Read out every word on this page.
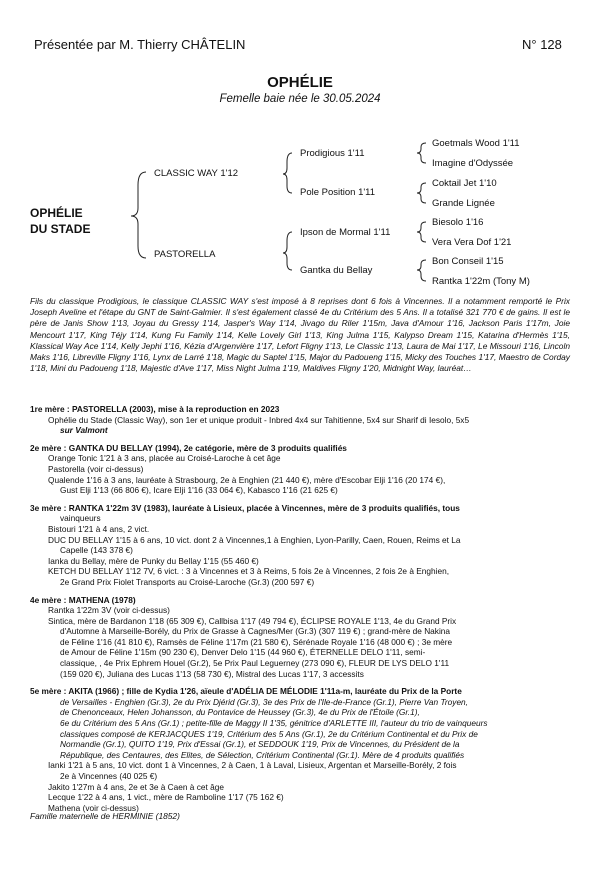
Présentée par M. Thierry CHÂTELIN	N° 128
OPHÉLIE
Femelle baie née le 30.05.2024
OPHÉLIE
DU STADE
CLASSIC WAY 1'12
PASTORELLA
Prodigious 1'11
Pole Position 1'11
Ipson de Mormal 1'11
Gantka du Bellay
Goetmals Wood 1'11
Imagine d'Odyssée
Coktail Jet 1'10
Grande Lignée
Biesolo 1'16
Vera Vera Dof 1'21
Bon Conseil 1'15
Rantka 1'22m (Tony M)
Fils du classique Prodigious, le classique CLASSIC WAY s'est imposé à 8 reprises dont 6 fois à Vincennes. Il a notamment remporté le Prix Joseph Aveline et l'étape du GNT de Saint-Galmier. Il s'est également classé 4e du Critérium des 5 Ans. Il a totalisé 321 770 € de gains. Il est le père de Janis Show 1'13, Joyau du Gressy 1'14, Jasper's Way 1'14, Jivago du Riler 1'15m, Java d'Amour 1'16, Jackson Paris 1'17m, Joie Mencourt 1'17, King Téjy 1'14, Kung Fu Family 1'14, Kelle Lovely Girl 1'13, King Julma 1'15, Kalypso Dream 1'15, Katarina d'Hermès 1'15, Klassical Way Ace 1'14, Kelly Jephi 1'16, Kézia d'Argenvière 1'17, Lefort Fligny 1'13, Le Classic 1'13, Laura de Mai 1'17, Le Missouri 1'16, Lincoln Maks 1'16, Libreville Fligny 1'16, Lynx de Larré 1'18, Magic du Saptel 1'15, Major du Padoueng 1'15, Micky des Touches 1'17, Maestro de Corday 1'18, Mini du Padoueng 1'18, Majestic d'Ave 1'17, Miss Night Julma 1'19, Maldives Fligny 1'20, Midnight Way, lauréat…
1re mère : PASTORELLA (2003), mise à la reproduction en 2023
Ophélie du Stade (Classic Way), son 1er et unique produit - Inbred 4x4 sur Tahitienne, 5x4 sur Sharif di Iesolo, 5x5
sur Valmont
2e mère : GANTKA DU BELLAY (1994), 2e catégorie, mère de 3 produits qualifiés
Orange Tonic 1'21 à 3 ans, placée au Croisé-Laroche à cet âge
Pastorella (voir ci-dessus)
Qualende 1'16 à 3 ans, lauréate à Strasbourg, 2e à Enghien (21 440 €), mère d'Escobar Elji 1'16 (20 174 €),
Gust Elji 1'13 (66 806 €), Icare Elji 1'16 (33 064 €), Kabasco 1'16 (21 625 €)
3e mère : RANTKA 1'22m 3V (1983), lauréate à Lisieux, placée à Vincennes, mère de 3 produits qualifiés, tous
vainqueurs
Bistouri 1'21 à 4 ans, 2 vict.
DUC DU BELLAY 1'15 à 6 ans, 10 vict. dont 2 à Vincennes,1 à Enghien, Lyon-Parilly, Caen, Rouen, Reims et La
Capelle (143 378 €)
Ianka du Bellay, mère de Punky du Bellay 1'15 (55 460 €)
KETCH DU BELLAY 1'12 7V, 6 vict. : 3 à Vincennes et 3 à Reims, 5 fois 2e à Vincennes, 2 fois 2e à Enghien,
2e Grand Prix Fiolet Transports au Croisé-Laroche (Gr.3) (200 597 €)
4e mère : MATHENA (1978)
Rantka 1'22m 3V (voir ci-dessus)
Sintica, mère de Bardanon 1'18 (65 309 €), Callbisa 1'17 (49 794 €), ÉCLIPSE ROYALE 1'13, 4e du Grand Prix
d'Automne à Marseille-Borély, du Prix de Grasse à Cagnes/Mer (Gr.3) (307 119 €) ; grand-mère de Nakina
de Féline 1'16 (41 810 €), Ramsès de Féline 1'17m (21 580 €), Sérénade Royale 1'16 (48 000 €) ; 3e mère
de Amour de Féline 1'15m (90 230 €), Denver Delo 1'15 (44 960 €), ÉTERNELLE DELO 1'11, semi-
classique, , 4e Prix Ephrem Houel (Gr.2), 5e Prix Paul Leguerney (273 090 €), FLEUR DE LYS DELO 1'11
(159 020 €), Juliana des Lucas 1'13 (58 730 €), Mistral des Lucas 1'17, 3 accessits
5e mère : AKITA (1966) ; fille de Kydia 1'26, aïeule d'ADÉLIA DE MÉLODIE 1'11a-m, lauréate du Prix de la Porte
de Versailles - Enghien (Gr.3), 2e du Prix Djérid (Gr.3), 3e des Prix de l'Ile-de-France (Gr.1), Pierre Van Troyen,
de Chenonceaux, Helen Johansson, du Pontavice de Heussey (Gr.3), 4e du Prix de l'Étoile (Gr.1),
6e du Critérium des 5 Ans (Gr.1) ; petite-fille de Maggy II 1'35, génitrice d'ARLETTE III, l'auteur du trio de vainqueurs
classiques composé de KERJACQUES 1'19, Critérium des 5 Ans (Gr.1), 2e du Critérium Continental et du Prix de
Normandie (Gr.1), QUITO 1'19, Prix d'Essai (Gr.1), et SEDDOUK 1'19, Prix de Vincennes, du Président de la
République, des Centaures, des Elites, de Sélection, Critérium Continental (Gr.1). Mère de 4 produits qualifiés
Ianki 1'21 à 5 ans, 10 vict. dont 1 à Vincennes, 2 à Caen, 1 à Laval, Lisieux, Argentan et Marseille-Borély, 2 fois
2e à Vincennes (40 025 €)
Jakito 1'27m à 4 ans, 2e et 3e à Caen à cet âge
Lecque 1'22 à 4 ans, 1 vict., mère de Ramboline 1'17 (75 162 €)
Mathena (voir ci-dessus)
Famille maternelle de HERMINIE (1852)
